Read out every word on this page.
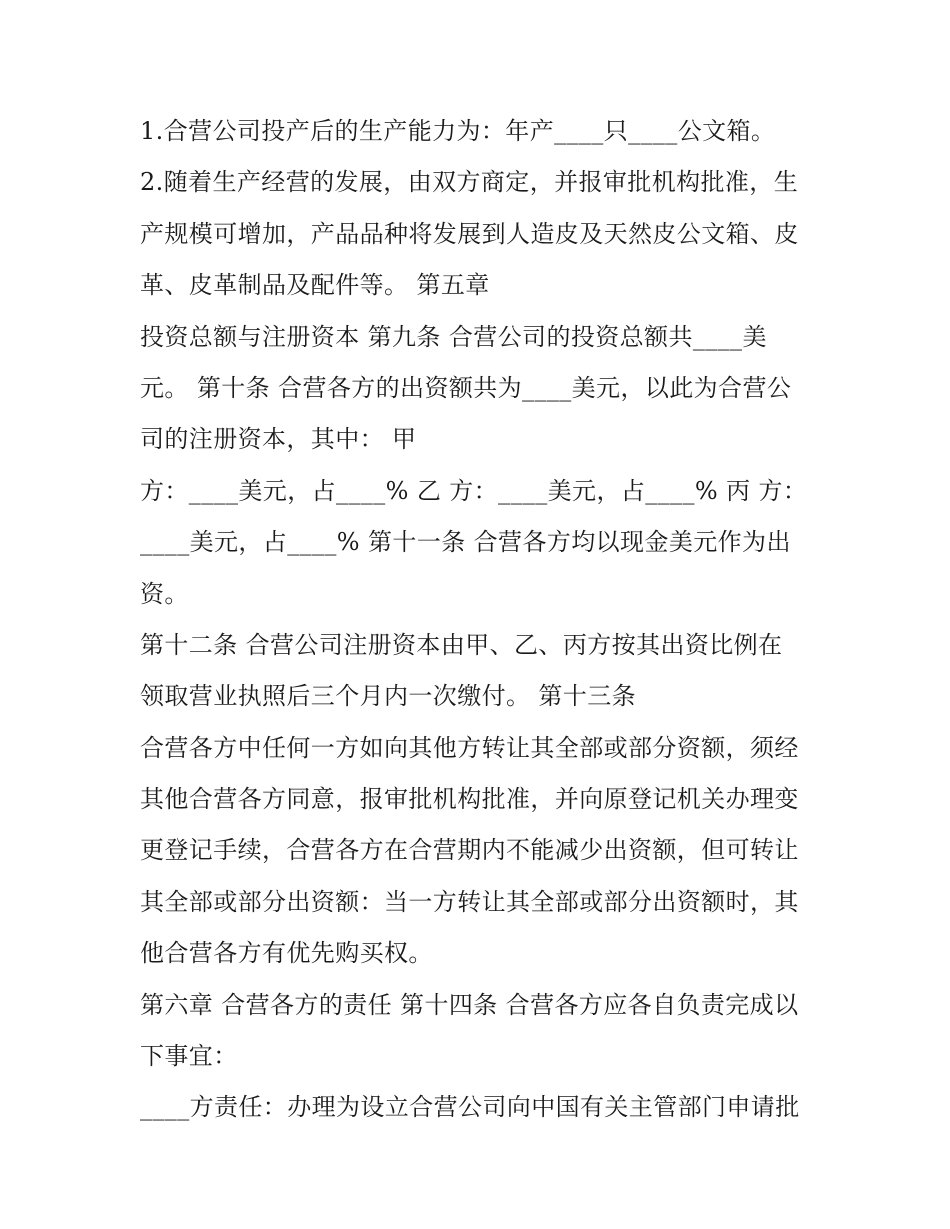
1.合营公司投产后的生产能力为：年产____只____公文箱。
2.随着生产经营的发展，由双方商定，并报审批机构批准，生
产规模可增加，产品品种将发展到人造皮及天然皮公文箱、皮
革、皮革制品及配件等。 第五章
投资总额与注册资本 第九条 合营公司的投资总额共____美
元。 第十条 合营各方的出资额共为____美元，以此为合营公
司的注册资本，其中： 甲
方：____美元，占____% 乙 方：____美元，占____% 丙 方：
____美元，占____% 第十一条 合营各方均以现金美元作为出
资。
第十二条 合营公司注册资本由甲、乙、丙方按其出资比例在
领取营业执照后三个月内一次缴付。 第十三条
合营各方中任何一方如向其他方转让其全部或部分资额，须经
其他合营各方同意，报审批机构批准，并向原登记机关办理变
更登记手续，合营各方在合营期内不能减少出资额，但可转让
其全部或部分出资额：当一方转让其全部或部分出资额时，其
他合营各方有优先购买权。
第六章 合营各方的责任 第十四条 合营各方应各自负责完成以
下事宜：
____方责任：办理为设立合营公司向中国有关主管部门申请批
